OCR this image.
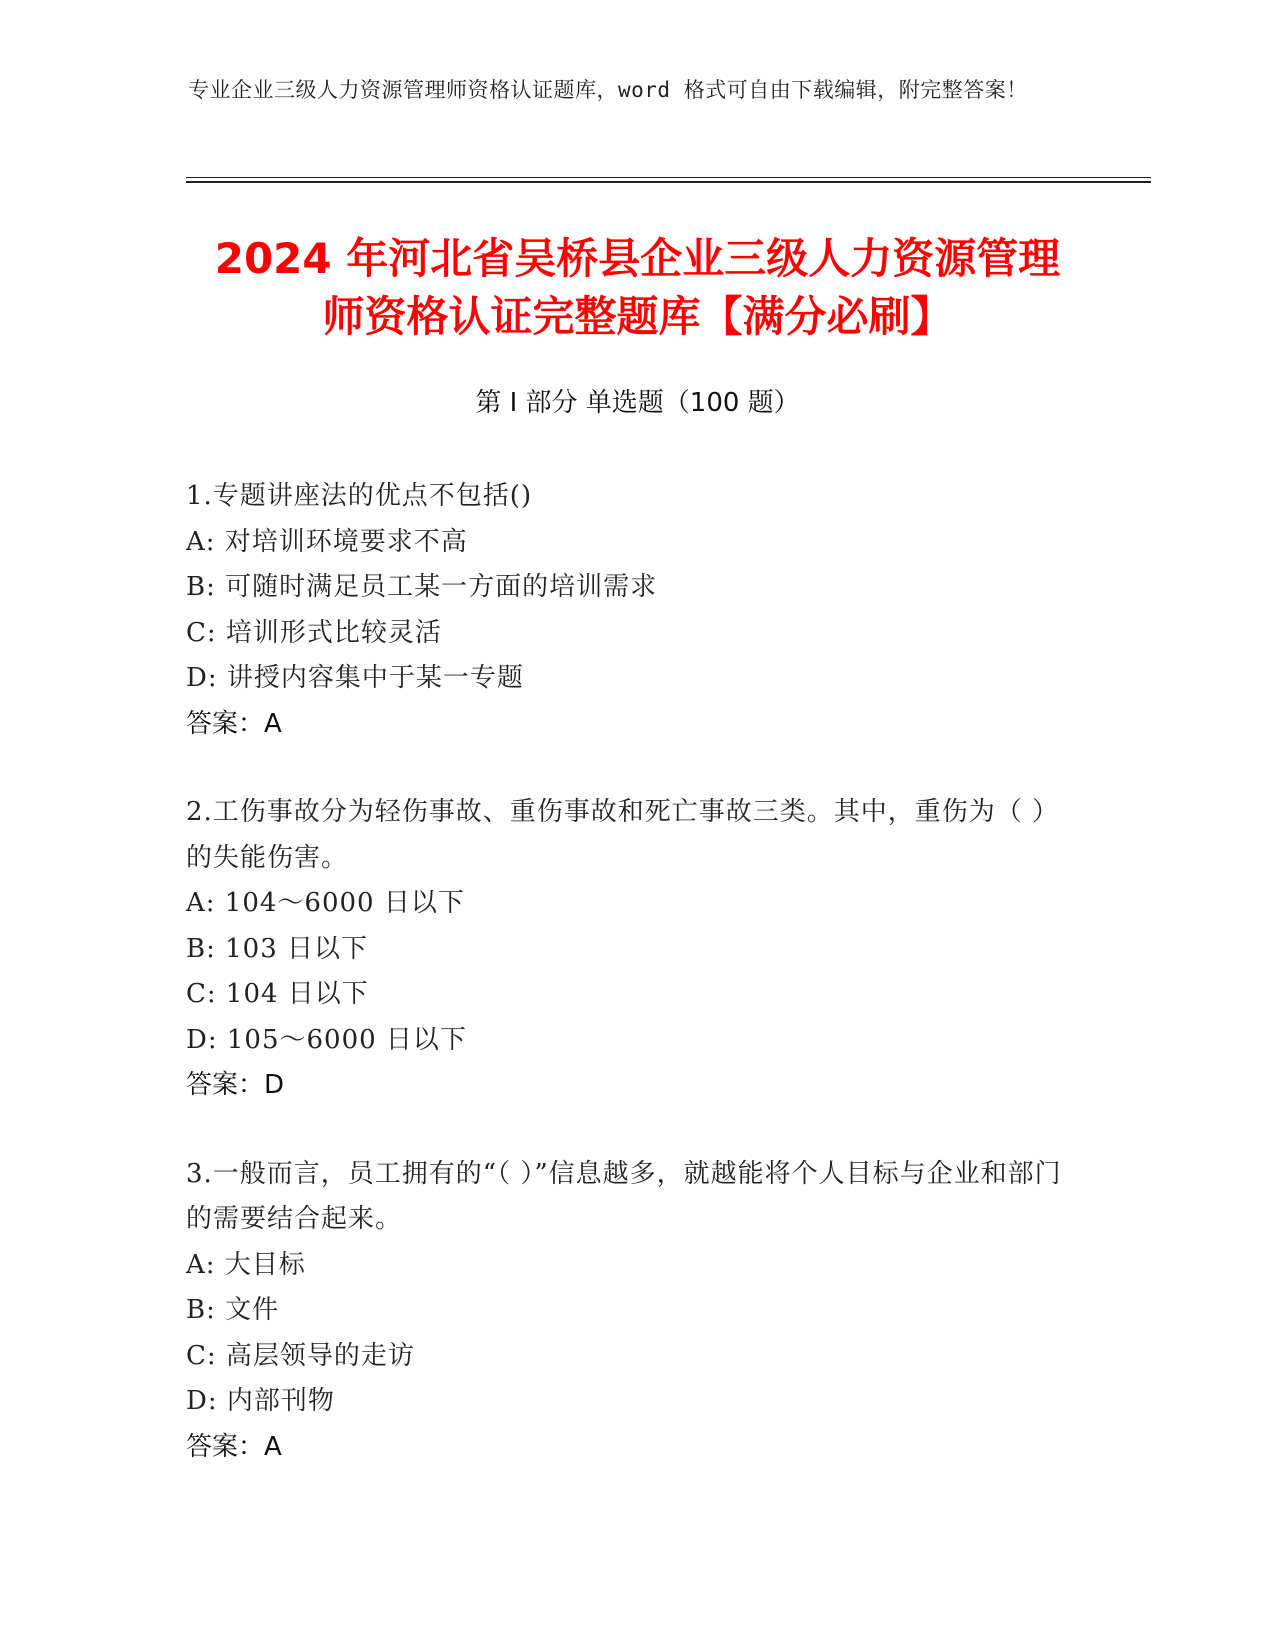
专业企业三级人力资源管理师资格认证题库，word 格式可自由下载编辑，附完整答案！
2024 年河北省吴桥县企业三级人力资源管理
师资格认证完整题库【满分必刷】
第 I 部分 单选题（100 题）

1.专题讲座法的优点不包括()

A: 对培训环境要求不高

B: 可随时满足员工某一方面的培训需求

C: 培训形式比较灵活

D: 讲授内容集中于某一专题

答案：A

2.工伤事故分为轻伤事故、重伤事故和死亡事故三类。其中，重伤为（ ）的失能伤害。

A: 104～6000 日以下

B: 103 日以下

C: 104 日以下

D: 105～6000 日以下

答案：D

3.一般而言，员工拥有的“（ ）”信息越多，就越能将个人目标与企业和部门的需要结合起来。

A: 大目标

B: 文件

C: 高层领导的走访

D: 内部刊物

答案：A
